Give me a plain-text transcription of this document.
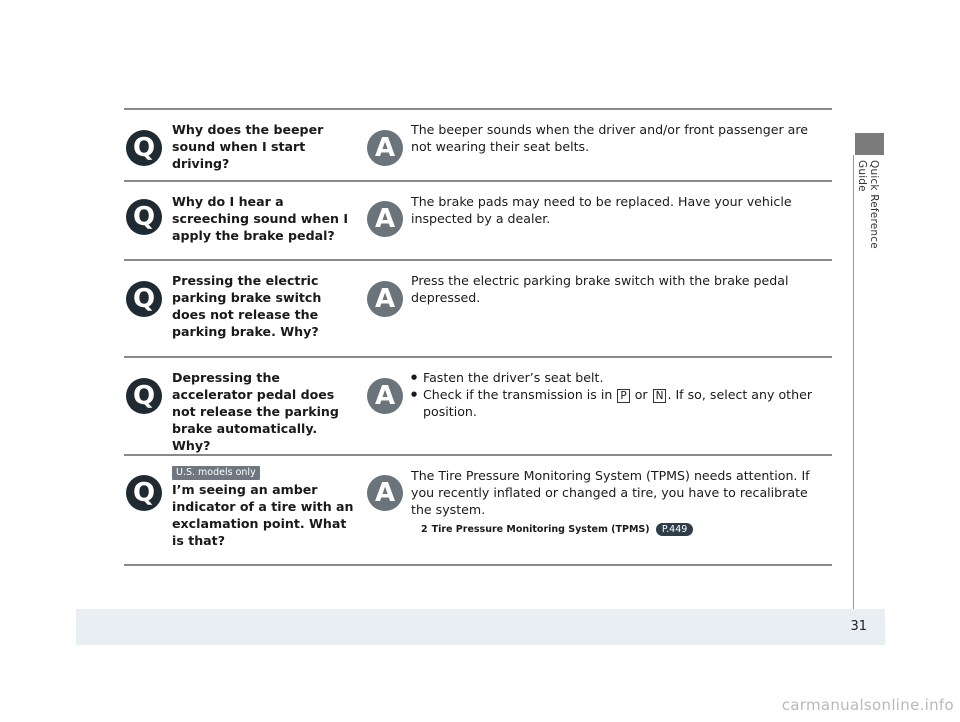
Quick Reference Guide
Q
Why does the beeper sound when I start driving?
A
The beeper sounds when the driver and/or front passenger are not wearing their seat belts.
Q
Why do I hear a screeching sound when I apply the brake pedal?
A
The brake pads may need to be replaced. Have your vehicle inspected by a dealer.
Q
Pressing the electric parking brake switch does not release the parking brake. Why?
A
Press the electric parking brake switch with the brake pedal depressed.
Q
Depressing the accelerator pedal does not release the parking brake automatically. Why?
A
● Fasten the driver’s seat belt.
● Check if the transmission is in P or N . If so, select any other position.
U.S. models only
Q	I’m seeing an amber indicator of a tire with an exclamation point. What is that?
A
The Tire Pressure Monitoring System (TPMS) needs attention. If you recently inflated or changed a tire, you have to recalibrate the system.
2 Tire Pressure Monitoring System (TPMS) P.449
31
carmanualsonline.info
